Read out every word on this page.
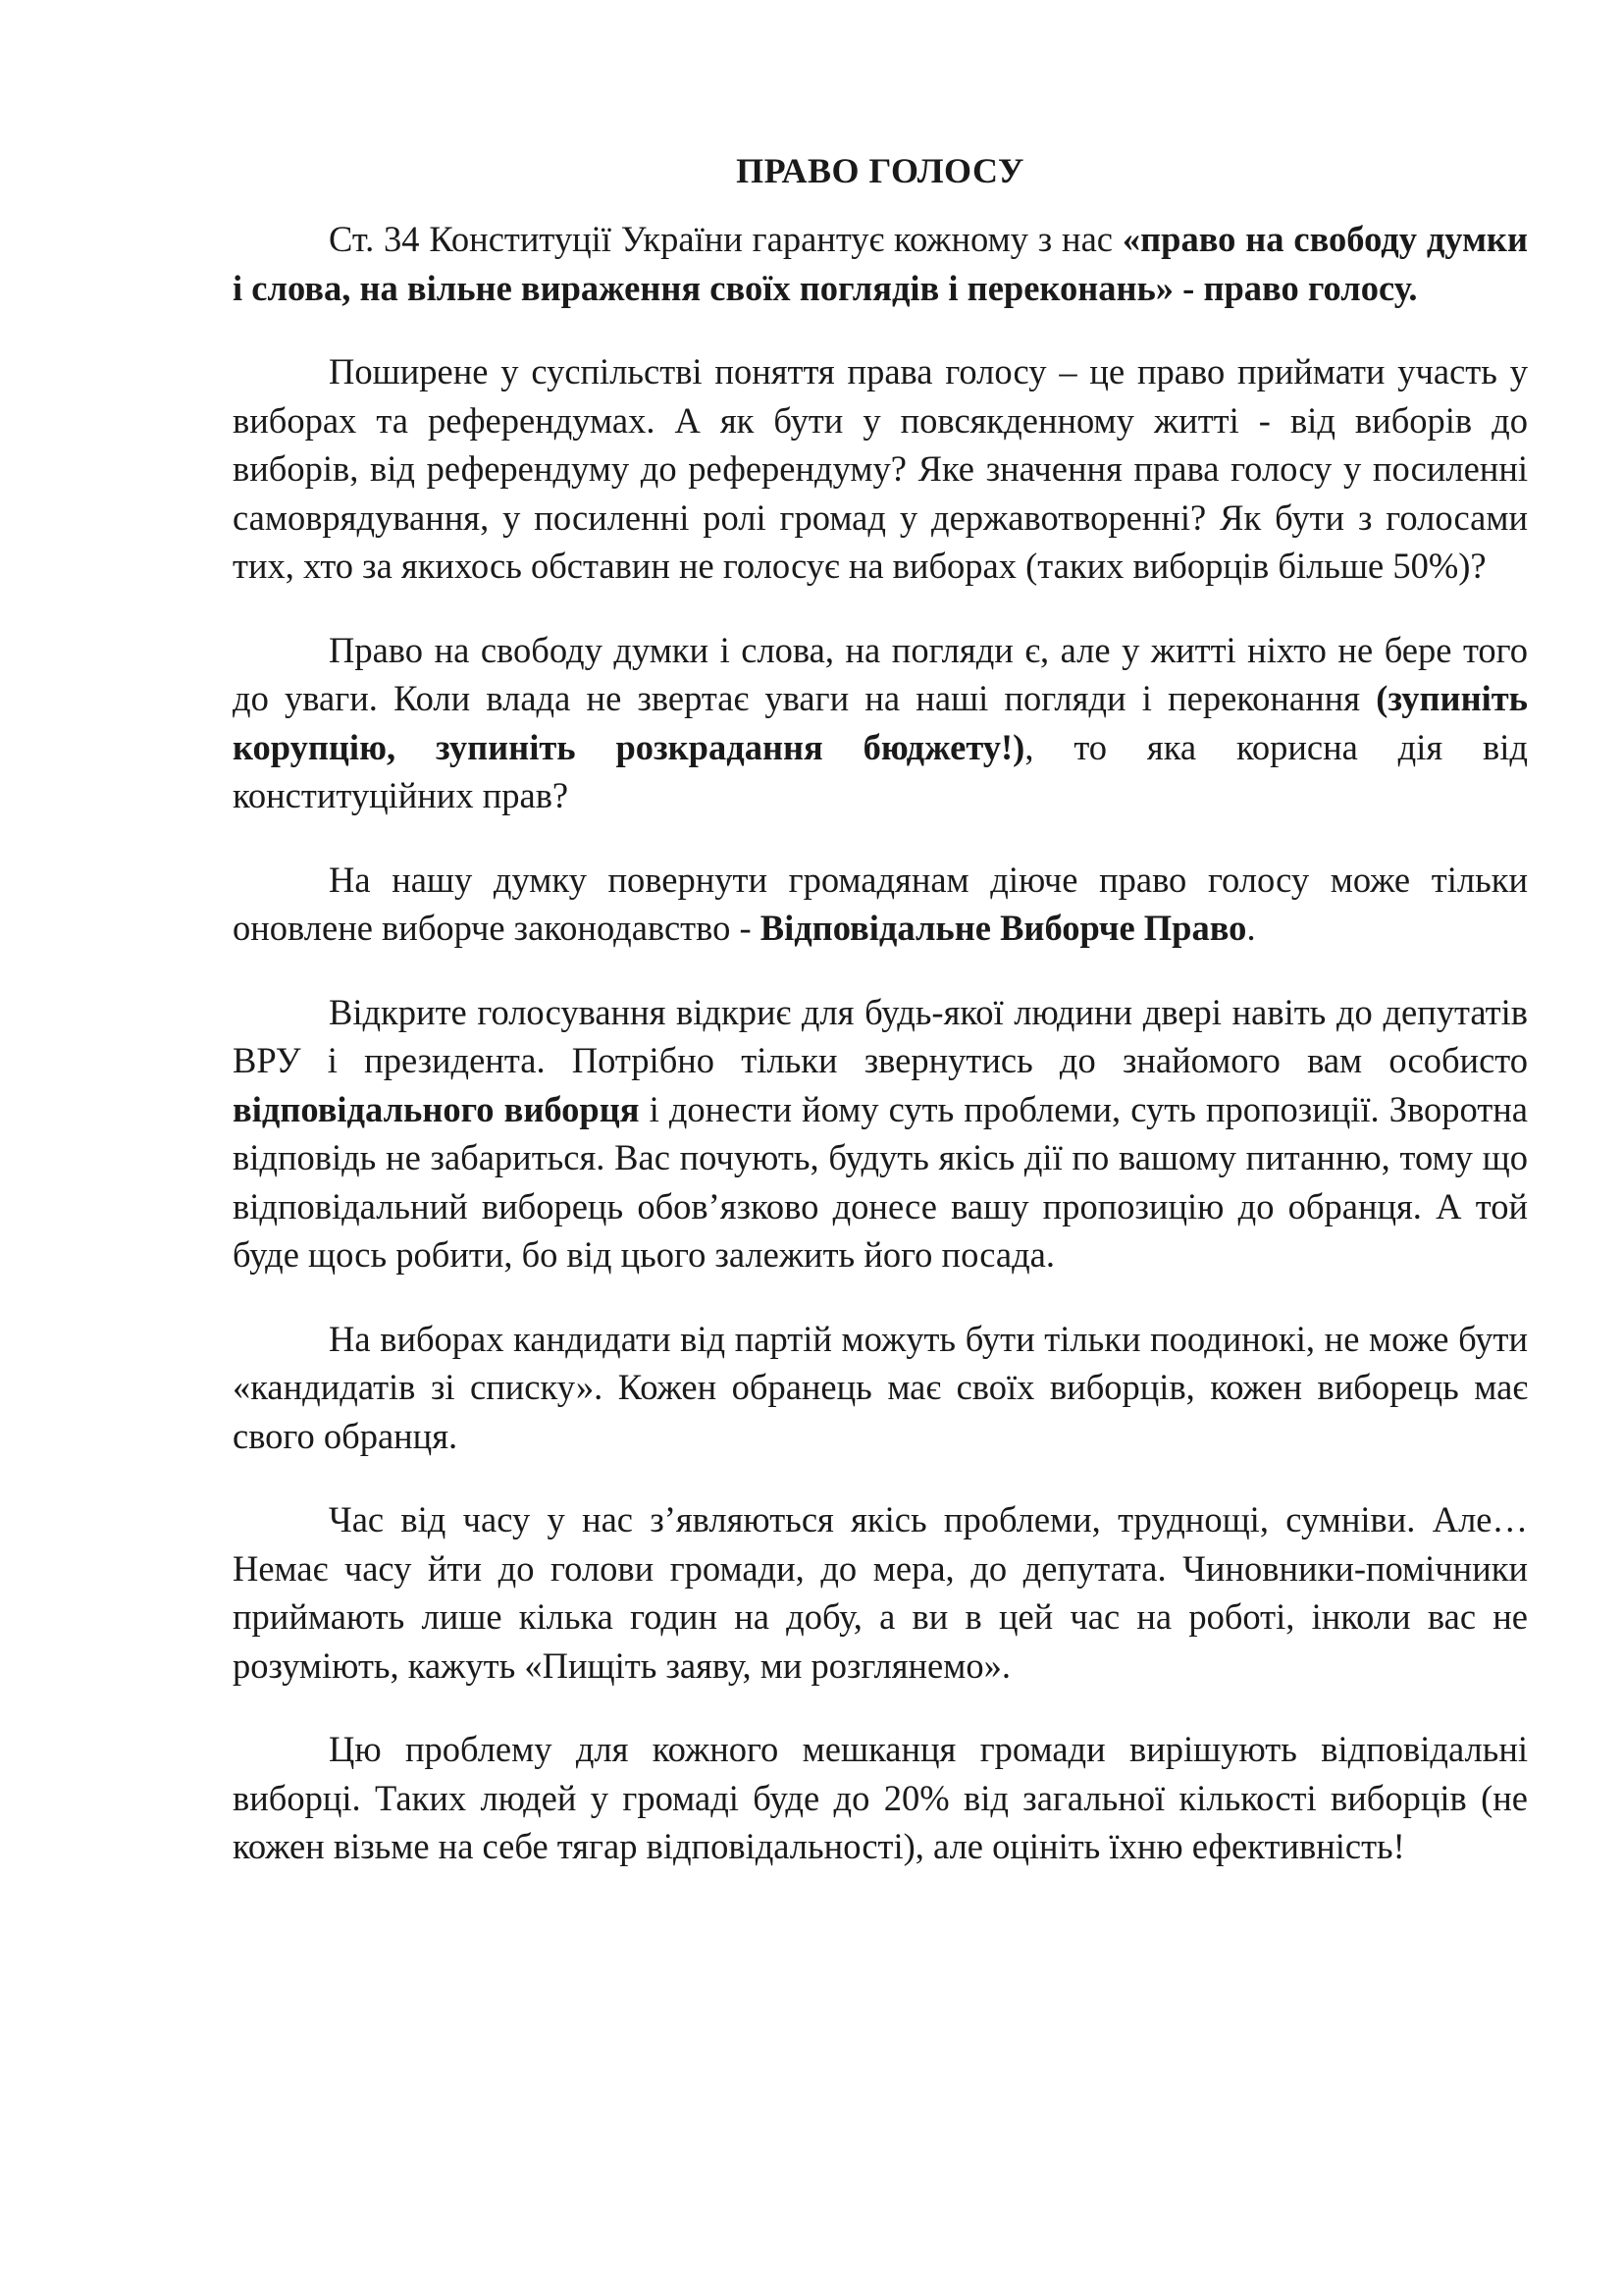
ПРАВО ГОЛОСУ

Ст. 34 Конституції України гарантує кожному з нас «право на свободу думки і слова, на вільне вираження своїх поглядів і переконань» - право голосу.

Поширене у суспільстві поняття права голосу – це право приймати участь у виборах та референдумах. А як бути у повсякденному житті - від виборів до виборів, від референдуму до референдуму? Яке значення права голосу у посиленні самоврядування, у посиленні ролі громад у державотворенні? Як бути з голосами тих, хто за якихось обставин не голосує на виборах (таких виборців більше 50%)?

Право на свободу думки і слова, на погляди є, але у житті ніхто не бере того до уваги. Коли влада не звертає уваги на наші погляди і переконання (зупиніть корупцію, зупиніть розкрадання бюджету!), то яка корисна дія від конституційних прав?

На нашу думку повернути громадянам діюче право голосу може тільки оновлене виборче законодавство - Відповідальне Виборче Право.

Відкрите голосування відкриє для будь-якої людини двері навіть до депутатів ВРУ і президента. Потрібно тільки звернутись до знайомого вам особисто відповідального виборця і донести йому суть проблеми, суть пропозиції. Зворотна відповідь не забариться. Вас почують, будуть якісь дії по вашому питанню, тому що відповідальний виборець обов’язково донесе вашу пропозицію до обранця. А той буде щось робити, бо від цього залежить його посада.

На виборах кандидати від партій можуть бути тільки поодинокі, не може бути «кандидатів зі списку». Кожен обранець має своїх виборців, кожен виборець має свого обранця.

Час від часу у нас з’являються якісь проблеми, труднощі, сумніви. Але… Немає часу йти до голови громади, до мера, до депутата. Чиновники-помічники приймають лише кілька годин на добу, а ви в цей час на роботі, інколи вас не розуміють, кажуть «Пищіть заяву, ми розглянемо».

Цю проблему для кожного мешканця громади вирішують відповідальні виборці. Таких людей у громаді буде до 20% від загальної кількості виборців (не кожен візьме на себе тягар відповідальності), але оцініть їхню ефективність!
